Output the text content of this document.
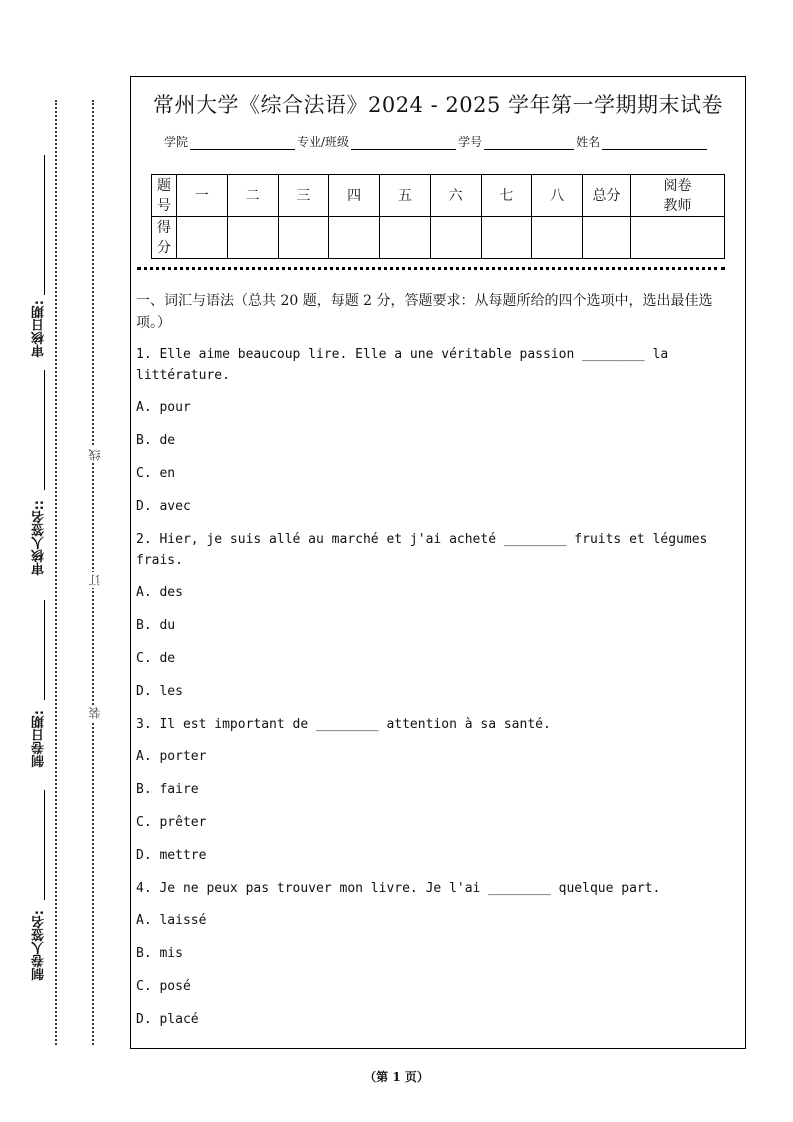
审核日期:
审核人签名::
制卷日期:
制卷人签名:
线
订
装
常州大学《综合法语》2024 - 2025 学年第一学期期末试卷
学院	专业/班级	学号	姓名
题号	一	二	三	四	五	六	七	八	总分	阅卷教师
得分										
一、词汇与语法（总共 20 题，每题 2 分，答题要求：从每题所给的四个选项中，选出最佳选项。）
1. Elle aime beaucoup lire. Elle a une véritable passion ________ la littérature.
A. pour
B. de
C. en
D. avec
2. Hier, je suis allé au marché et j'ai acheté ________ fruits et légumes frais.
A. des
B. du
C. de
D. les
3. Il est important de ________ attention à sa santé.
A. porter
B. faire
C. prêter
D. mettre
4. Je ne peux pas trouver mon livre. Je l'ai ________ quelque part.
A. laissé
B. mis
C. posé
D. placé
（第 1 页）
